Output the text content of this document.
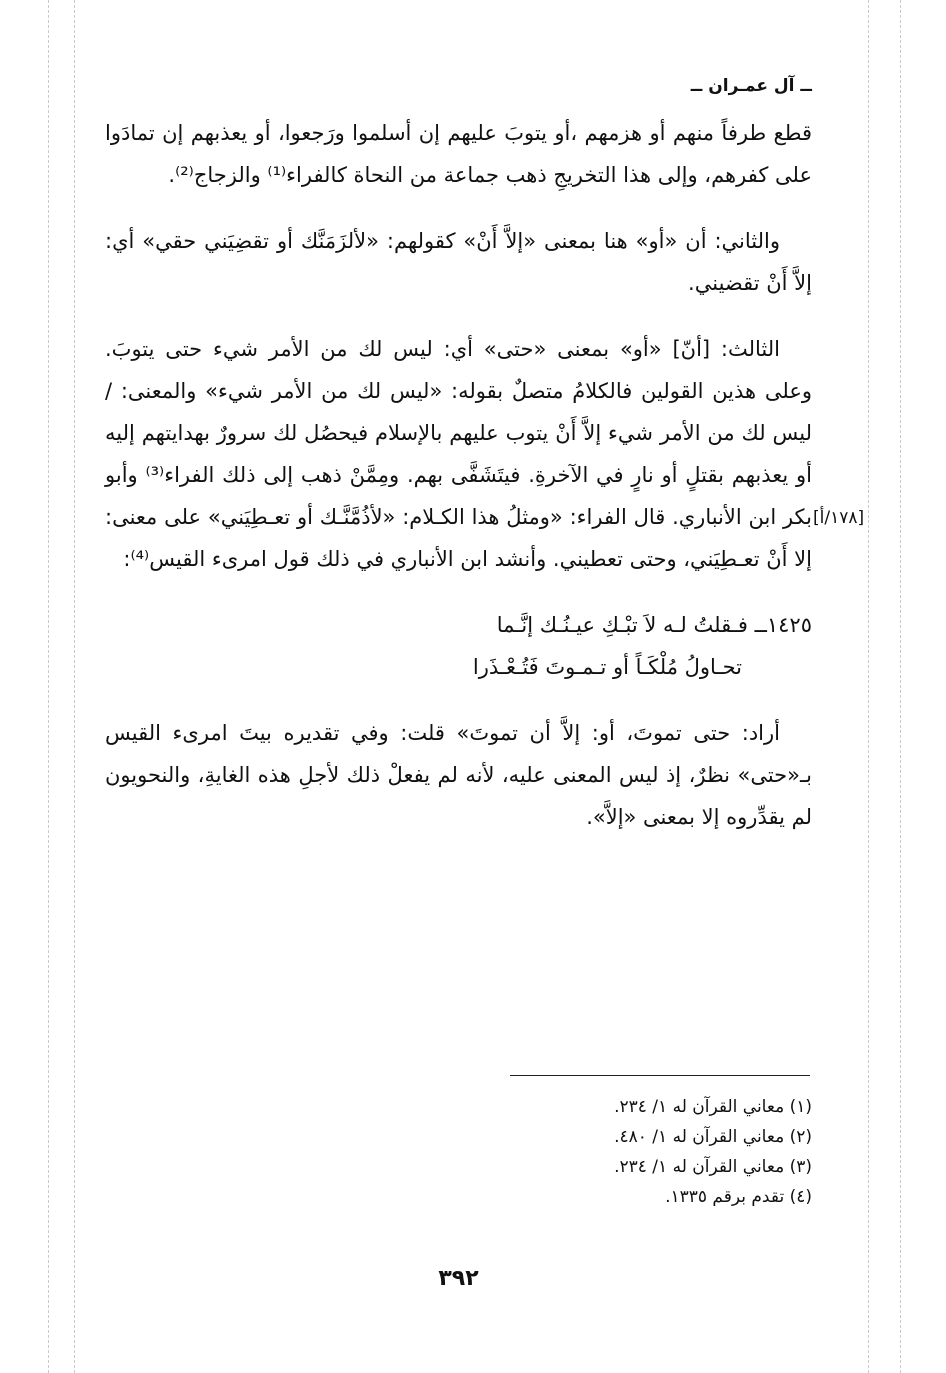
ــ آل عمـران ــ

قطع طرفاً منهم أو هزمهم ،أو يتوبَ عليهم إن أسلموا ورَجعوا، أو يعذبهم إن تمادَوا على كفرهم، وإلى هذا التخريجِ ذهب جماعة من النحاة كالفراء⁽¹⁾ والزجاج⁽²⁾.

والثاني: أن «أو» هنا بمعنى «إلاَّ أَنْ» كقولهم: «لألزَمَنَّك أو تقضِيَني حقي» أي: إلاَّ أَنْ تقضيني.

الثالث: [أنّ] «أو» بمعنى «حتى» أي: ليس لك من الأمر شيء حتى يتوبَ. وعلى هذين القولين فالكلامُ متصلٌ بقوله: «ليس لك من الأمر شيء» والمعنى: / ليس لك من الأمر شيء إلاَّ أَنْ يتوب عليهم بالإسلام فيحصُل لك سرورٌ بهدايتهم إليه أو يعذبهم بقتلٍ أو نارٍ في الآخرةِ. فيتَشَفَّى بهم. ومِمَّنْ ذهب إلى ذلك الفراء⁽³⁾ وأبو بكر ابن الأنباري. قال الفراء: «ومثلُ هذا الكـلام: «لأذُمَّنَّـك أو تعـطِيَني» على معنى: إلا أَنْ تعـطِيَني، وحتى تعطيني. وأنشد ابن الأنباري في ذلك قول امرىء القيس⁽⁴⁾:

١٤٢٥ــ فـقلتُ لـه لاَ تبْـكِ عيـنُـك إنَّـما
تحـاولُ مُلْكَـاً أو تـمـوتَ فَتُـعْـذَرا

أراد: حتى تموتَ، أو: إلاَّ أن تموتَ» قلت: وفي تقديره بيتَ امرىء القيس بـ«حتى» نظرٌ، إذ ليس المعنى عليه، لأنه لم يفعلْ ذلك لأجلِ هذه الغايةِ، والنحويون لم يقدِّروه إلا بمعنى «إلاَّ».

[١٧٨/أ]
(١) معاني القرآن له ١/ ٢٣٤.
(٢) معاني القرآن له ١/ ٤٨٠.
(٣) معاني القرآن له ١/ ٢٣٤.
(٤) تقدم برقم ١٣٣٥.
٣٩٢
